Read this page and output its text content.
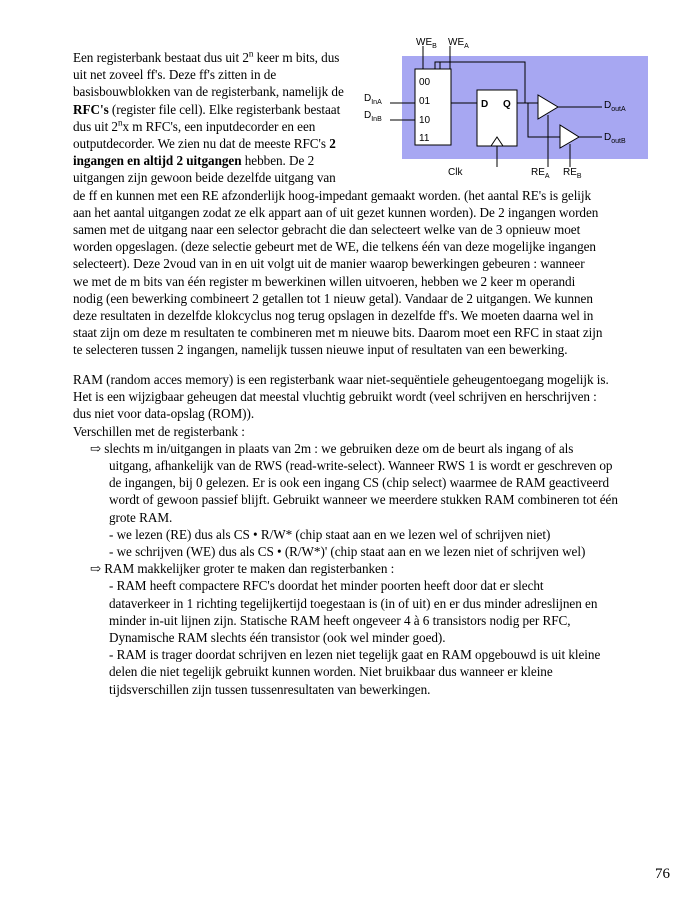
Een registerbank bestaat dus uit 2$^n$ keer m bits, dus
uit net zoveel ff's. Deze ff's zitten in de
basisbouwblokken van de registerbank, namelijk de
RFC's (register file cell). Elke registerbank bestaat
dus uit 2$^n$x m RFC's, een inputdecorder en een
outputdecorder. We zien nu dat de meeste RFC's 2
ingangen en altijd 2 uitgangen hebben. De 2
uitgangen zijn gewoon beide dezelfde uitgang van
de ff en kunnen met een RE afzonderlijk hoog-impedant gemaakt worden. (het aantal RE's is gelijk
aan het aantal uitgangen zodat ze elk appart aan of uit gezet kunnen worden). De 2 ingangen worden
samen met de uitgang naar een selector gebracht die dan selecteert welke van de 3 opnieuw moet
worden opgeslagen. (deze selectie gebeurt met de WE, die telkens één van deze mogelijke ingangen
selecteert). Deze 2voud van in en uit volgt uit de manier waarop bewerkingen gebeuren : wanneer
we met de m bits van één register m bewerkinen willen uitvoeren, hebben we 2 keer m operandi
nodig (een bewerking combineert 2 getallen tot 1 nieuw getal). Vandaar de 2 uitgangen. We kunnen
deze resultaten in dezelfde klokcyclus nog terug opslagen in dezelfde ff's. We moeten daarna wel in
staat zijn om deze m resultaten te combineren met m nieuwe bits. Daarom moet een RFC in staat zijn
te selecteren tussen 2 ingangen, namelijk tussen nieuwe input of resultaten van een bewerking.
RAM (random acces memory) is een registerbank waar niet-sequëntiele geheugentoegang mogelijk is.
Het is een wijzigbaar geheugen dat meestal vluchtig gebruikt wordt (veel schrijven en herschrijven :
dus niet voor data-opslag (ROM)).
Verschillen met de registerbank :
⇨ slechts m in/uitgangen in plaats van 2m : we gebruiken deze om de beurt als ingang of als
uitgang, afhankelijk van de RWS (read-write-select). Wanneer RWS 1 is wordt er geschreven op
de ingangen, bij 0 gelezen. Er is ook een ingang CS (chip select) waarmee de RAM geactiveerd
wordt of gewoon passief blijft. Gebruikt wanneer we meerdere stukken RAM combineren tot één
grote RAM.
- we lezen (RE) dus als CS • R/W* (chip staat aan en we lezen wel of schrijven niet)
- we schrijven (WE) dus als CS • (R/W*)' (chip staat aan en we lezen niet of schrijven wel)
⇨ RAM makkelijker groter te maken dan registerbanken :
- RAM heeft compactere RFC's doordat het minder poorten heeft door dat er slecht
dataverkeer in 1 richting tegelijkertijd toegestaan is (in of uit) en er dus minder adreslijnen en
minder in-uit lijnen zijn. Statische RAM heeft ongeveer 4 à 6 transistors nodig per RFC,
Dynamische RAM slechts één transistor (ook wel minder goed).
- RAM is trager doordat schrijven en lezen niet tegelijk gaat en RAM opgebouwd is uit kleine
delen die niet tegelijk gebruikt kunnen worden. Niet bruikbaar dus wanneer er kleine
tijdsverschillen zijn tussen tussenresultaten van bewerkingen.
00
01
10
11
D Q
$WE_B$ $WE_A$
$D_{InA}$
$D_{InB}$
$D_{outA}$
$D_{outB}$
Clk	$RE_A$ $RE_B$
76
